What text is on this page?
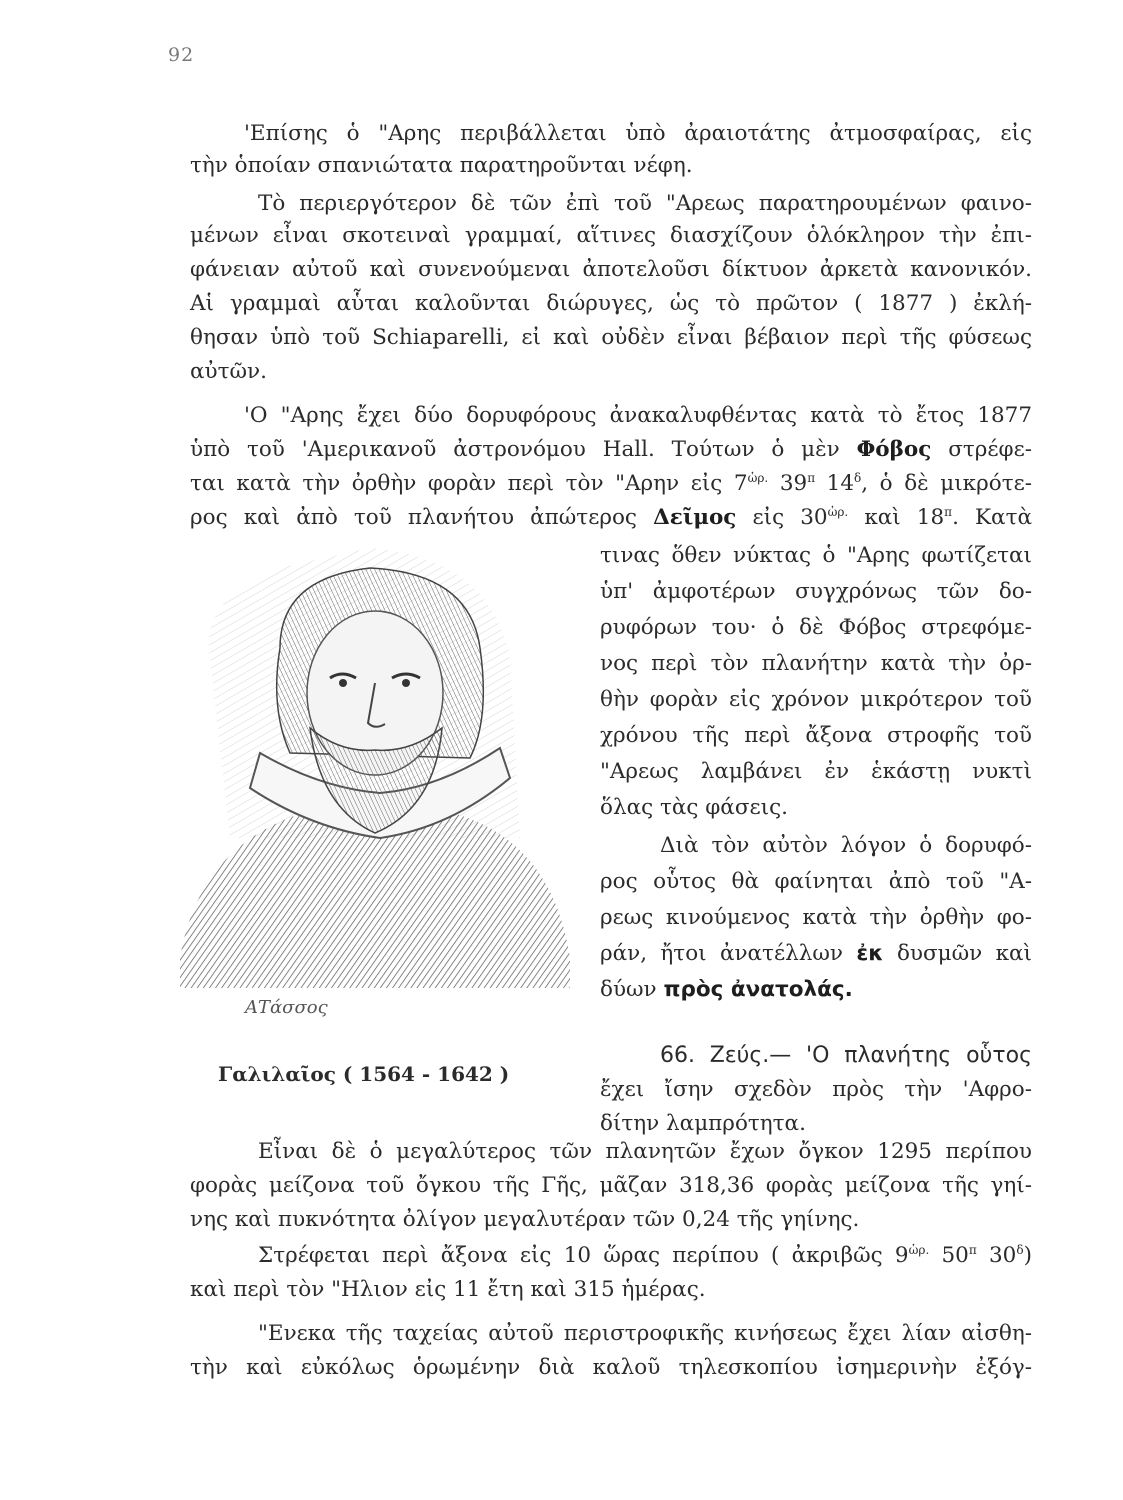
92
'Επίσης ὁ "Αρης περιβάλλεται ὑπὸ ἀραιοτάτης ἀτμοσφαίρας, εἰς
τὴν ὁποίαν σπανιώτατα παρατηροῦνται νέφη.
Τὸ περιεργότερον δὲ τῶν ἐπὶ τοῦ "Αρεως παρατηρουμένων φαινο-
μένων εἶναι σκοτειναὶ γραμμαί, αἵτινες διασχίζουν ὁλόκληρον τὴν ἐπι-
φάνειαν αὐτοῦ καὶ συνενούμεναι ἀποτελοῦσι δίκτυον ἀρκετὰ κανονικόν.
Αἱ γραμμαὶ αὗται καλοῦνται διώρυγες, ὡς τὸ πρῶτον ( 1877 ) ἐκλή-
θησαν ὑπὸ τοῦ Schiaparelli, εἰ καὶ οὐδὲν εἶναι βέβαιον περὶ τῆς φύσεως
αὐτῶν.
'Ο "Αρης ἔχει δύο δορυφόρους ἀνακαλυφθέντας κατὰ τὸ ἔτος 1877
ὑπὸ τοῦ 'Αμερικανοῦ ἀστρονόμου Hall. Τούτων ὁ μὲν Φόβος στρέφε-
ται κατὰ τὴν ὀρθὴν φορὰν περὶ τὸν "Αρην εἰς $7^{ὡ\rho.}$ $39^\pi$ $14^\delta$, ὁ δὲ μικρότε-
ρος καὶ ἀπὸ τοῦ πλανήτου ἀπώτερος Δεῖμος εἰς $30^{ὡ\rho.}$ καὶ $18^\pi$. Κατὰ
τινας ὅθεν νύκτας ὁ "Αρης φωτίζεται
ὑπ' ἀμφοτέρων συγχρόνως τῶν δο-
ρυφόρων του· ὁ δὲ Φόβος στρεφόμε-
νος περὶ τὸν πλανήτην κατὰ τὴν ὀρ-
θὴν φορὰν εἰς χρόνον μικρότερον τοῦ
χρόνου τῆς περὶ ἄξονα στροφῆς τοῦ
"Αρεως λαμβάνει ἐν ἑκάστῃ νυκτὶ
ὅλας τὰς φάσεις.
Διὰ τὸν αὐτὸν λόγον ὁ δορυφό-
ρος οὗτος θὰ φαίνηται ἀπὸ τοῦ "Α-
ρεως κινούμενος κατὰ τὴν ὀρθὴν φο-
ράν, ἤτοι ἀνατέλλων ἐκ δυσμῶν καὶ
δύων πρὸς ἀνατολάς.
66. Ζεύς.— 'Ο πλανήτης οὗτος
ἔχει ἴσην σχεδὸν πρὸς τὴν 'Αφρο-
δίτην λαμπρότητα.
ΑΤάσσος
Γαλιλαῖος ( 1564 - 1642 )
Εἶναι δὲ ὁ μεγαλύτερος τῶν πλανητῶν ἔχων ὄγκον 1295 περίπου
φορὰς μείζονα τοῦ ὄγκου τῆς Γῆς, μᾶζαν 318,36 φορὰς μείζονα τῆς γηί-
νης καὶ πυκνότητα ὀλίγον μεγαλυτέραν τῶν 0,24 τῆς γηίνης.
Στρέφεται περὶ ἄξονα εἰς 10 ὥρας περίπου ( ἀκριβῶς $9^{ὡ\rho.}$ $50^\pi$ $30^\delta$)
καὶ περὶ τὸν "Ηλιον εἰς 11 ἔτη καὶ 315 ἡμέρας.
"Ενεκα τῆς ταχείας αὐτοῦ περιστροφικῆς κινήσεως ἔχει λίαν αἰσθη-
τὴν καὶ εὐκόλως ὁρωμένην διὰ καλοῦ τηλεσκοπίου ἰσημερινὴν ἐξόγ-
